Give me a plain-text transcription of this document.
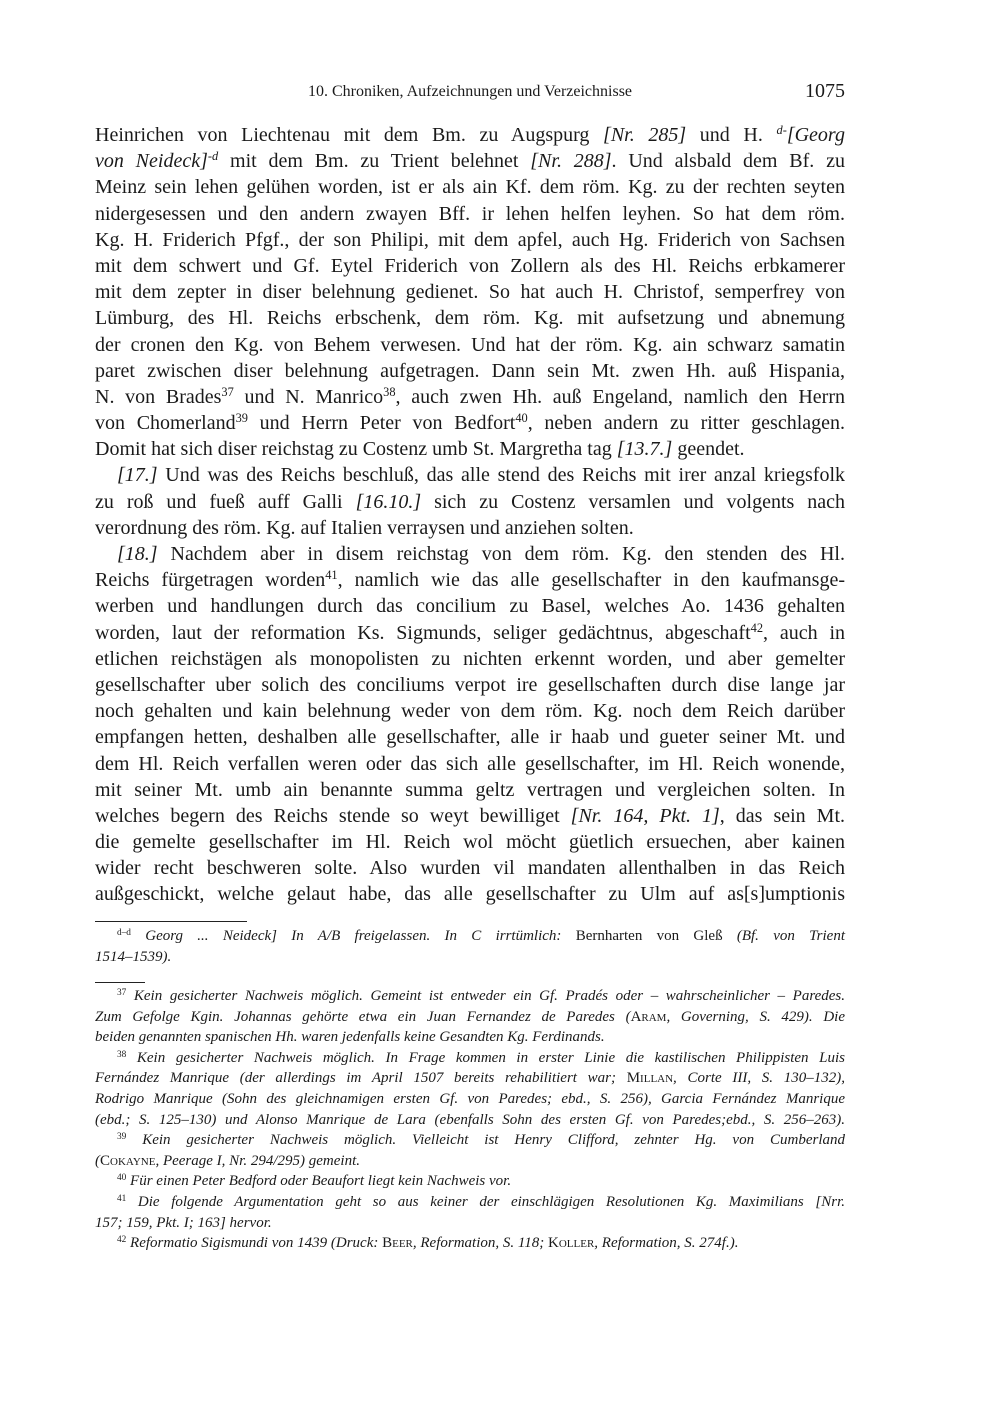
10. Chroniken, Aufzeichnungen und Verzeichnisse	1075
Heinrichen von Liechtenau mit dem Bm. zu Augspurg [Nr. 285] und H. $^{d-}$[Georg
von Neideck]$^{-d}$ mit dem Bm. zu Trient belehnet [Nr. 288]. Und alsbald dem Bf. zu
Meinz sein lehen gelühen worden, ist er als ain Kf. dem röm. Kg. zu der rechten seyten
nidergesessen und den andern zwayen Bff. ir lehen helfen leyhen. So hat dem röm.
Kg. H. Friderich Pfgf., der son Philipi, mit dem apfel, auch Hg. Friderich von Sachsen
mit dem schwert und Gf. Eytel Friderich von Zollern als des Hl. Reichs erbkamerer
mit dem zepter in diser belehnung gedienet. So hat auch H. Christof, semperfrey von
Lümburg, des Hl. Reichs erbschenk, dem röm. Kg. mit aufsetzung und abnemung
der cronen den Kg. von Behem verwesen. Und hat der röm. Kg. ain schwarz samatin
paret zwischen diser belehnung aufgetragen. Dann sein Mt. zwen Hh. auß Hispania,
N. von Brades$^{37}$ und N. Manrico$^{38}$, auch zwen Hh. auß Engeland, namlich den Herrn
von Chomerland$^{39}$ und Herrn Peter von Bedfort$^{40}$, neben andern zu ritter geschlagen.
Domit hat sich diser reichstag zu Costenz umb St. Margretha tag [13.7.] geendet.
[17.] Und was des Reichs beschluß, das alle stend des Reichs mit irer anzal kriegsfolk
zu roß und fueß auff Galli [16.10.] sich zu Costenz versamlen und volgents nach
verordnung des röm. Kg. auf Italien verraysen und anziehen solten.
[18.] Nachdem aber in disem reichstag von dem röm. Kg. den stenden des Hl.
Reichs fürgetragen worden$^{41}$, namlich wie das alle gesellschafter in den kaufmansge-
werben und handlungen durch das concilium zu Basel, welches Ao. 1436 gehalten
worden, laut der reformation Ks. Sigmunds, seliger gedächtnus, abgeschaft$^{42}$, auch in
etlichen reichstägen als monopolisten zu nichten erkennt worden, und aber gemelter
gesellschafter uber solich des conciliums verpot ire gesellschaften durch dise lange jar
noch gehalten und kain belehnung weder von dem röm. Kg. noch dem Reich darüber
empfangen hetten, deshalben alle gesellschafter, alle ir haab und gueter seiner Mt. und
dem Hl. Reich verfallen weren oder das sich alle gesellschafter, im Hl. Reich wonende,
mit seiner Mt. umb ain benannte summa geltz vertragen und vergleichen solten. In
welches begern des Reichs stende so weyt bewilliget [Nr. 164, Pkt. 1], das sein Mt.
die gemelte gesellschafter im Hl. Reich wol möcht güetlich ersuechen, aber kainen
wider recht beschweren solte. Also wurden vil mandaten allenthalben in das Reich
außgeschickt, welche gelaut habe, das alle gesellschafter zu Ulm auf as[s]umptionis
$^{d-d}$ Georg ... Neideck] In A/B freigelassen. In C irrtümlich: Bernharten von Gleß (Bf. von Trient
1514–1539).
$^{37}$ Kein gesicherter Nachweis möglich. Gemeint ist entweder ein Gf. Pradés oder – wahrscheinlicher – Paredes.
Zum Gefolge Kgin. Johannas gehörte etwa ein Juan Fernandez de Paredes (Aram, Governing, S. 429). Die
beiden genannten spanischen Hh. waren jedenfalls keine Gesandten Kg. Ferdinands.
$^{38}$ Kein gesicherter Nachweis möglich. In Frage kommen in erster Linie die kastilischen Philippisten Luis
Fernández Manrique (der allerdings im April 1507 bereits rehabilitiert war; Millan, Corte III, S. 130–132),
Rodrigo Manrique (Sohn des gleichnamigen ersten Gf. von Paredes; ebd., S. 256), Garcia Fernández Manrique
(ebd.; S. 125–130) und Alonso Manrique de Lara (ebenfalls Sohn des ersten Gf. von Paredes;ebd., S. 256–263).
$^{39}$ Kein gesicherter Nachweis möglich. Vielleicht ist Henry Clifford, zehnter Hg. von Cumberland
(Cokayne, Peerage I, Nr. 294/295) gemeint.
$^{40}$ Für einen Peter Bedford oder Beaufort liegt kein Nachweis vor.
$^{41}$ Die folgende Argumentation geht so aus keiner der einschlägigen Resolutionen Kg. Maximilians [Nrr.
157; 159, Pkt. I; 163] hervor.
$^{42}$ Reformatio Sigismundi von 1439 (Druck: Beer, Reformation, S. 118; Koller, Reformation, S. 274f.).
